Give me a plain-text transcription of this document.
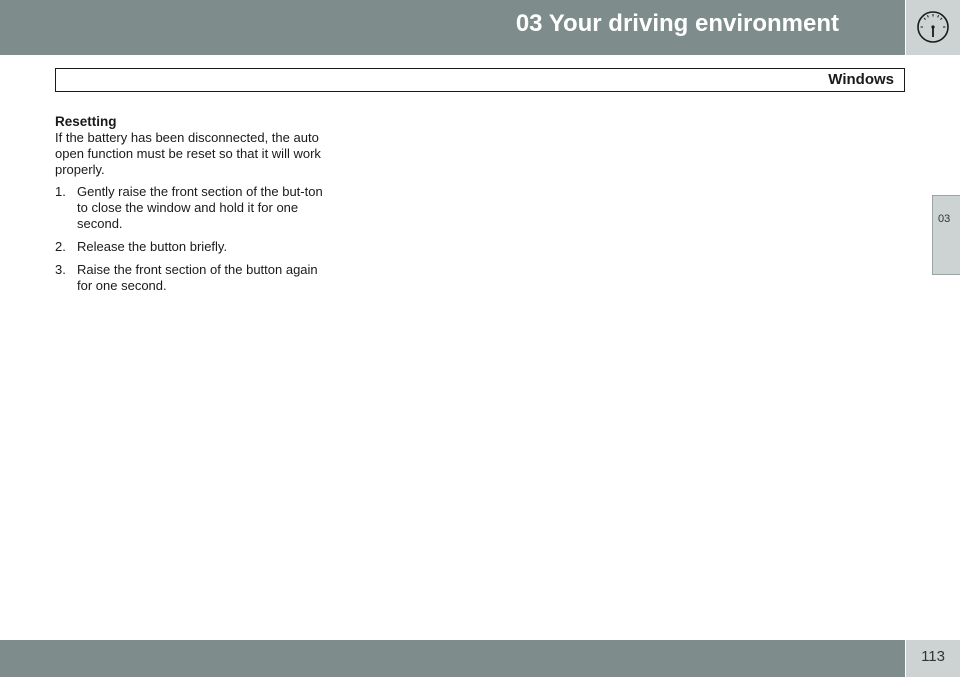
03 Your driving environment
Windows
03

Resetting

If the battery has been disconnected, the auto open function must be reset so that it will work properly.

1. Gently raise the front section of the but-ton to close the window and hold it for one second.
2. Release the button briefly.
3. Raise the front section of the button again for one second.
113
